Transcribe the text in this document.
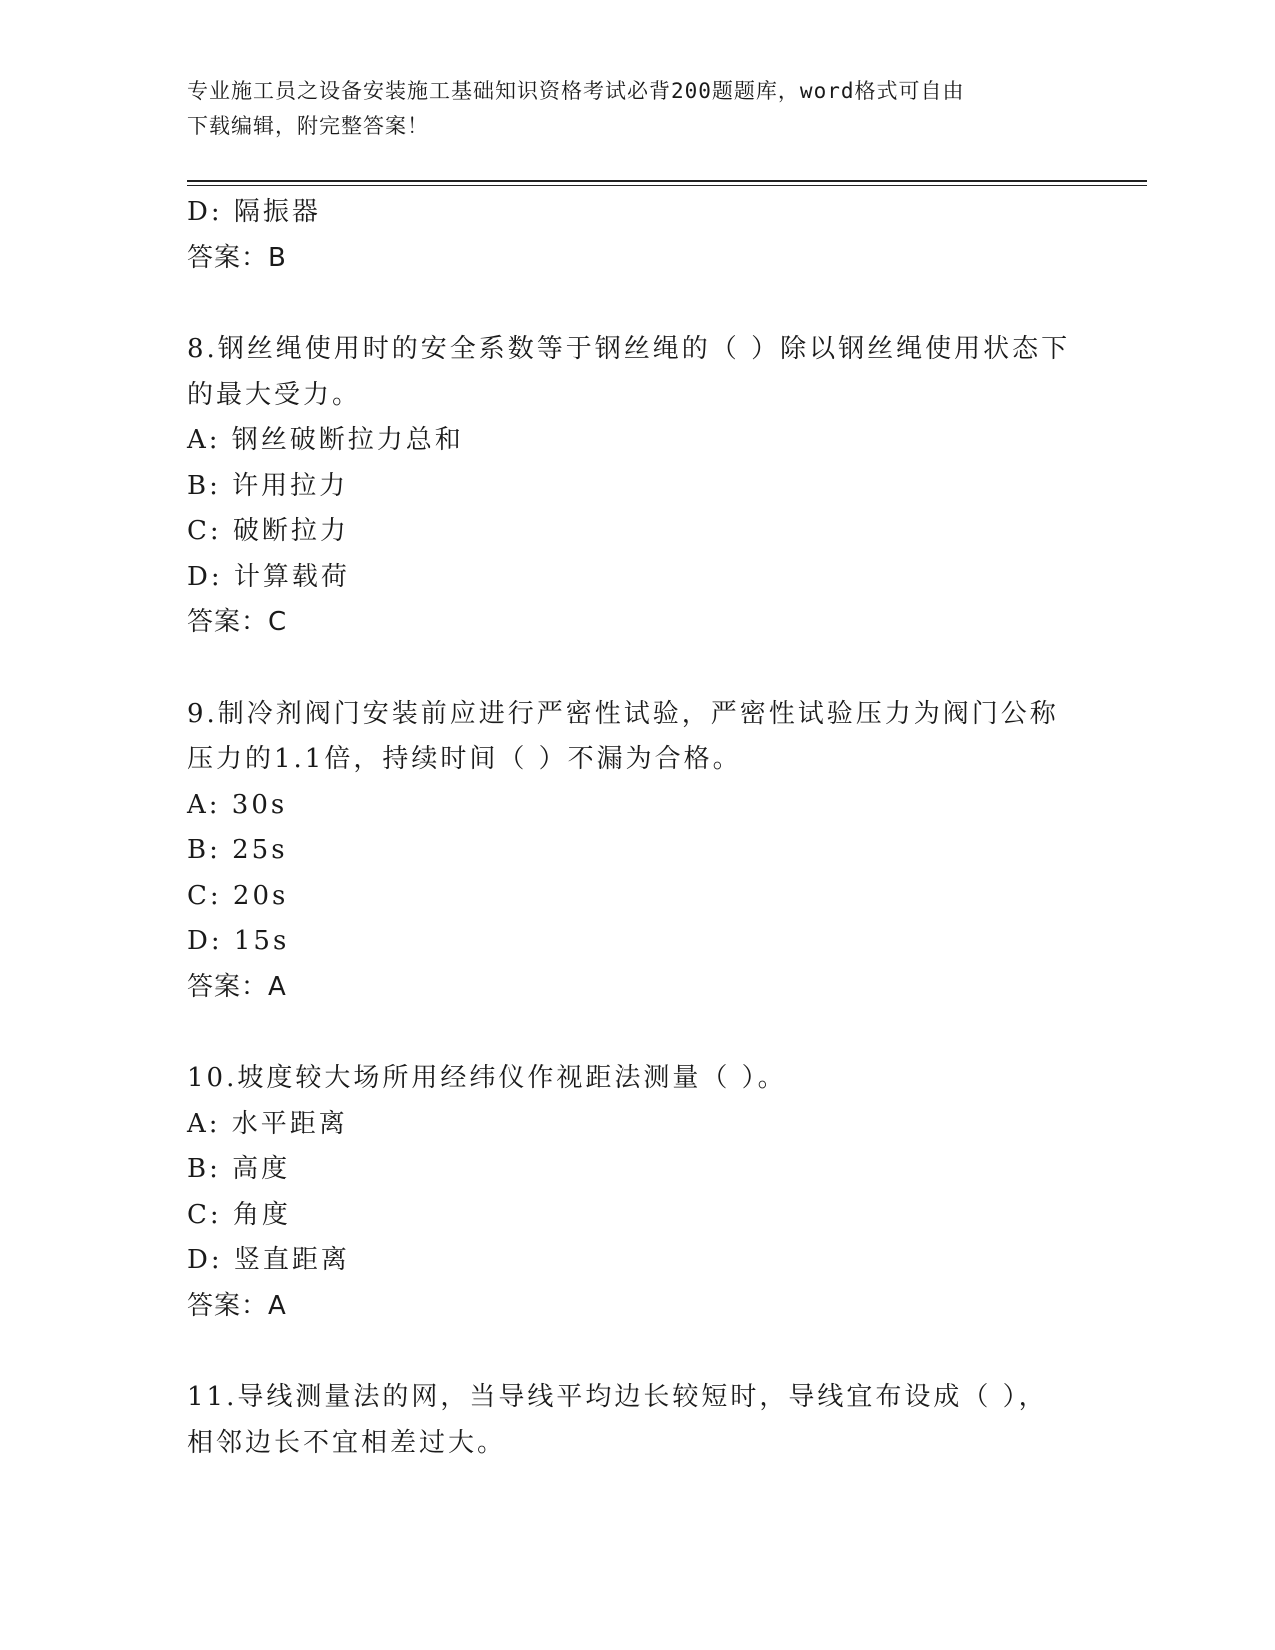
专业施工员之设备安装施工基础知识资格考试必背200题题库，word格式可自由
下载编辑，附完整答案！
D: 隔振器
答案：B
8.钢丝绳使用时的安全系数等于钢丝绳的（ ）除以钢丝绳使用状态下
的最大受力。
A: 钢丝破断拉力总和
B: 许用拉力
C: 破断拉力
D: 计算载荷
答案：C
9.制冷剂阀门安装前应进行严密性试验，严密性试验压力为阀门公称
压力的1.1倍，持续时间（ ）不漏为合格。
A: 30s
B: 25s
C: 20s
D: 15s
答案：A
10.坡度较大场所用经纬仪作视距法测量（ ）。
A: 水平距离
B: 高度
C: 角度
D: 竖直距离
答案：A
11.导线测量法的网，当导线平均边长较短时，导线宜布设成（ ），
相邻边长不宜相差过大。
